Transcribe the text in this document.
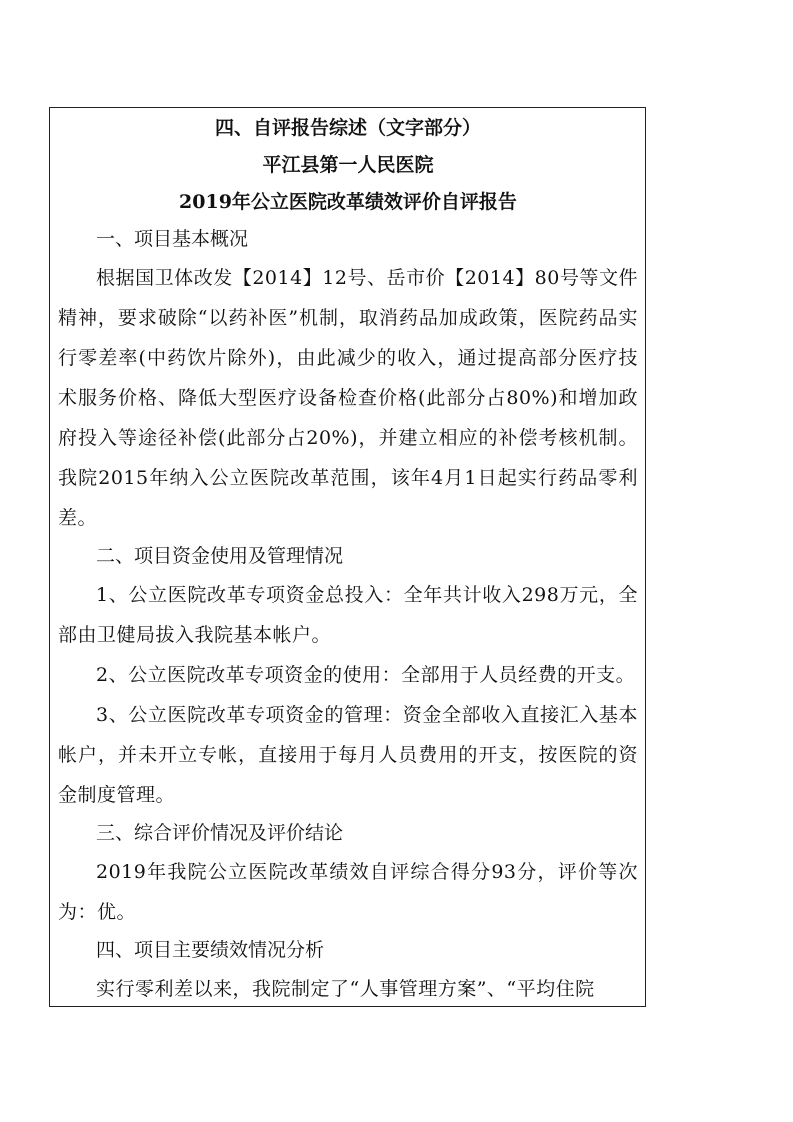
四、自评报告综述（文字部分）
平江县第一人民医院
2019年公立医院改革绩效评价自评报告
一、项目基本概况

根据国卫体改发【2014】12号、岳市价【2014】80号等文件精神，要求破除“以药补医”机制，取消药品加成政策，医院药品实行零差率(中药饮片除外)，由此减少的收入，通过提高部分医疗技术服务价格、降低大型医疗设备检查价格(此部分占80%)和增加政府投入等途径补偿(此部分占20%)，并建立相应的补偿考核机制。我院2015年纳入公立医院改革范围，该年4月1日起实行药品零利差。

二、项目资金使用及管理情况

1、公立医院改革专项资金总投入：全年共计收入298万元，全部由卫健局拔入我院基本帐户。

2、公立医院改革专项资金的使用：全部用于人员经费的开支。

3、公立医院改革专项资金的管理：资金全部收入直接汇入基本帐户，并未开立专帐，直接用于每月人员费用的开支，按医院的资金制度管理。

三、综合评价情况及评价结论

2019年我院公立医院改革绩效自评综合得分93分，评价等次为：优。

四、项目主要绩效情况分析

实行零利差以来，我院制定了“人事管理方案”、“平均住院
